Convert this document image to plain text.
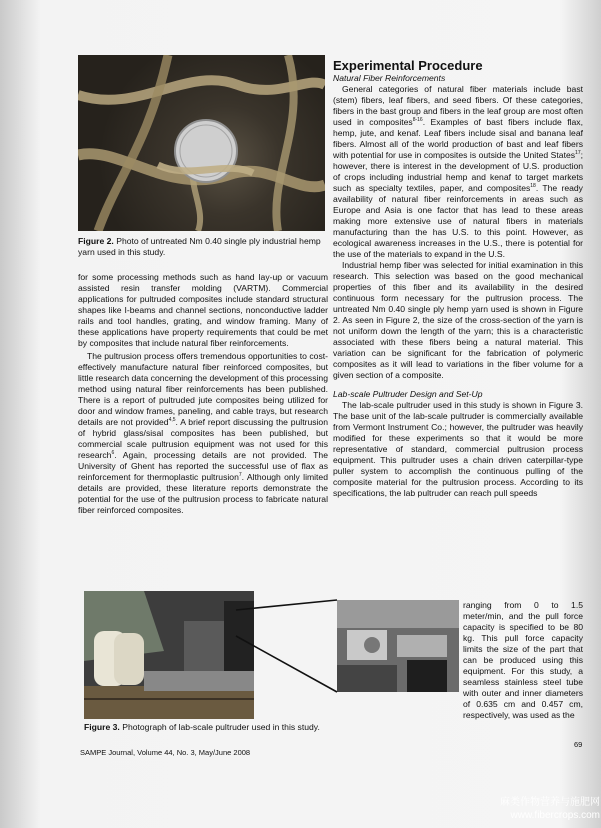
Figure 2. Photo of untreated Nm 0.40 single ply industrial hemp yarn used in this study.

for some processing methods such as hand lay-up or vacuum assisted resin transfer molding (VARTM). Commercial applications for pultruded composites include standard structural shapes like I-beams and channel sections, nonconductive ladder rails and tool handles, grating, and window framing. Many of these applications have property requirements that could be met by composites that include natural fiber reinforcements.

The pultrusion process offers tremendous opportunities to cost-effectively manufacture natural fiber reinforced composites, but little research data concerning the development of this processing method using natural fiber reinforcements has been published. There is a report of pultruded jute composites being utilized for door and window frames, paneling, and cable trays, but research details are not provided$^{4,5}$. A brief report discussing the pultrusion of hybrid glass/sisal composites has been published, but commercial scale pultrusion equipment was not used for this research$^6$. Again, processing details are not provided. The University of Ghent has reported the successful use of flax as reinforcement for thermoplastic pultrusion$^7$. Although only limited details are provided, these literature reports demonstrate the potential for the use of the pultrusion process to fabricate natural fiber reinforced composites.

Experimental Procedure
Natural Fiber Reinforcements

General categories of natural fiber materials include bast (stem) fibers, leaf fibers, and seed fibers. Of these categories, fibers in the bast group and fibers in the leaf group are most often used in composites$^{8-16}$. Examples of bast fibers include flax, hemp, jute, and kenaf. Leaf fibers include sisal and banana leaf fibers. Almost all of the world production of bast and leaf fibers with potential for use in composites is outside the United States$^{17}$; however, there is interest in the development of U.S. production of crops including industrial hemp and kenaf to target markets such as specialty textiles, paper, and composites$^{18}$. The ready availability of natural fiber reinforcements in areas such as Europe and Asia is one factor that has lead to these areas making more extensive use of natural fibers in materials manufacturing than the has U.S. to this point. However, as ecological awareness increases in the U.S., there is potential for the use of the materials to expand in the U.S.

Industrial hemp fiber was selected for initial examination in this research. This selection was based on the good mechanical properties of this fiber and its availability in the desired continuous form necessary for the pultrusion process. The untreated Nm 0.40 single ply hemp yarn used is shown in Figure 2. As seen in Figure 2, the size of the cross-section of the yarn is not uniform down the length of the yarn; this is a characteristic associated with these fibers being a natural material. This variation can be significant for the fabrication of polymeric composites as it will lead to variations in the fiber volume for a given section of a composite.

Lab-scale Pultruder Design and Set-Up

The lab-scale pultruder used in this study is shown in Figure 3. The base unit of the lab-scale pultruder is commercially available from Vermont Instrument Co.; however, the pultruder was heavily modified for these experiments so that it would be more representative of standard, commercial pultrusion process equipment. This pultruder uses a chain driven caterpillar-type puller system to accomplish the continuous pulling of the composite material for the pultrusion process. According to its specifications, the lab pultruder can reach pull speeds

ranging from 0 to 1.5 meter/min, and the pull force capacity is specified to be 80 kg. This pull force capacity limits the size of the part that can be produced using this equipment. For this study, a seamless stainless steel tube with outer and inner diameters of 0.635 cm and 0.457 cm, respectively, was used as the

Figure 3. Photograph of lab-scale pultruder used in this study.
SAMPE Journal, Volume 44, No. 3, May/June 2008
69
麻类作物营养与施肥网
www.fibercrops.com
